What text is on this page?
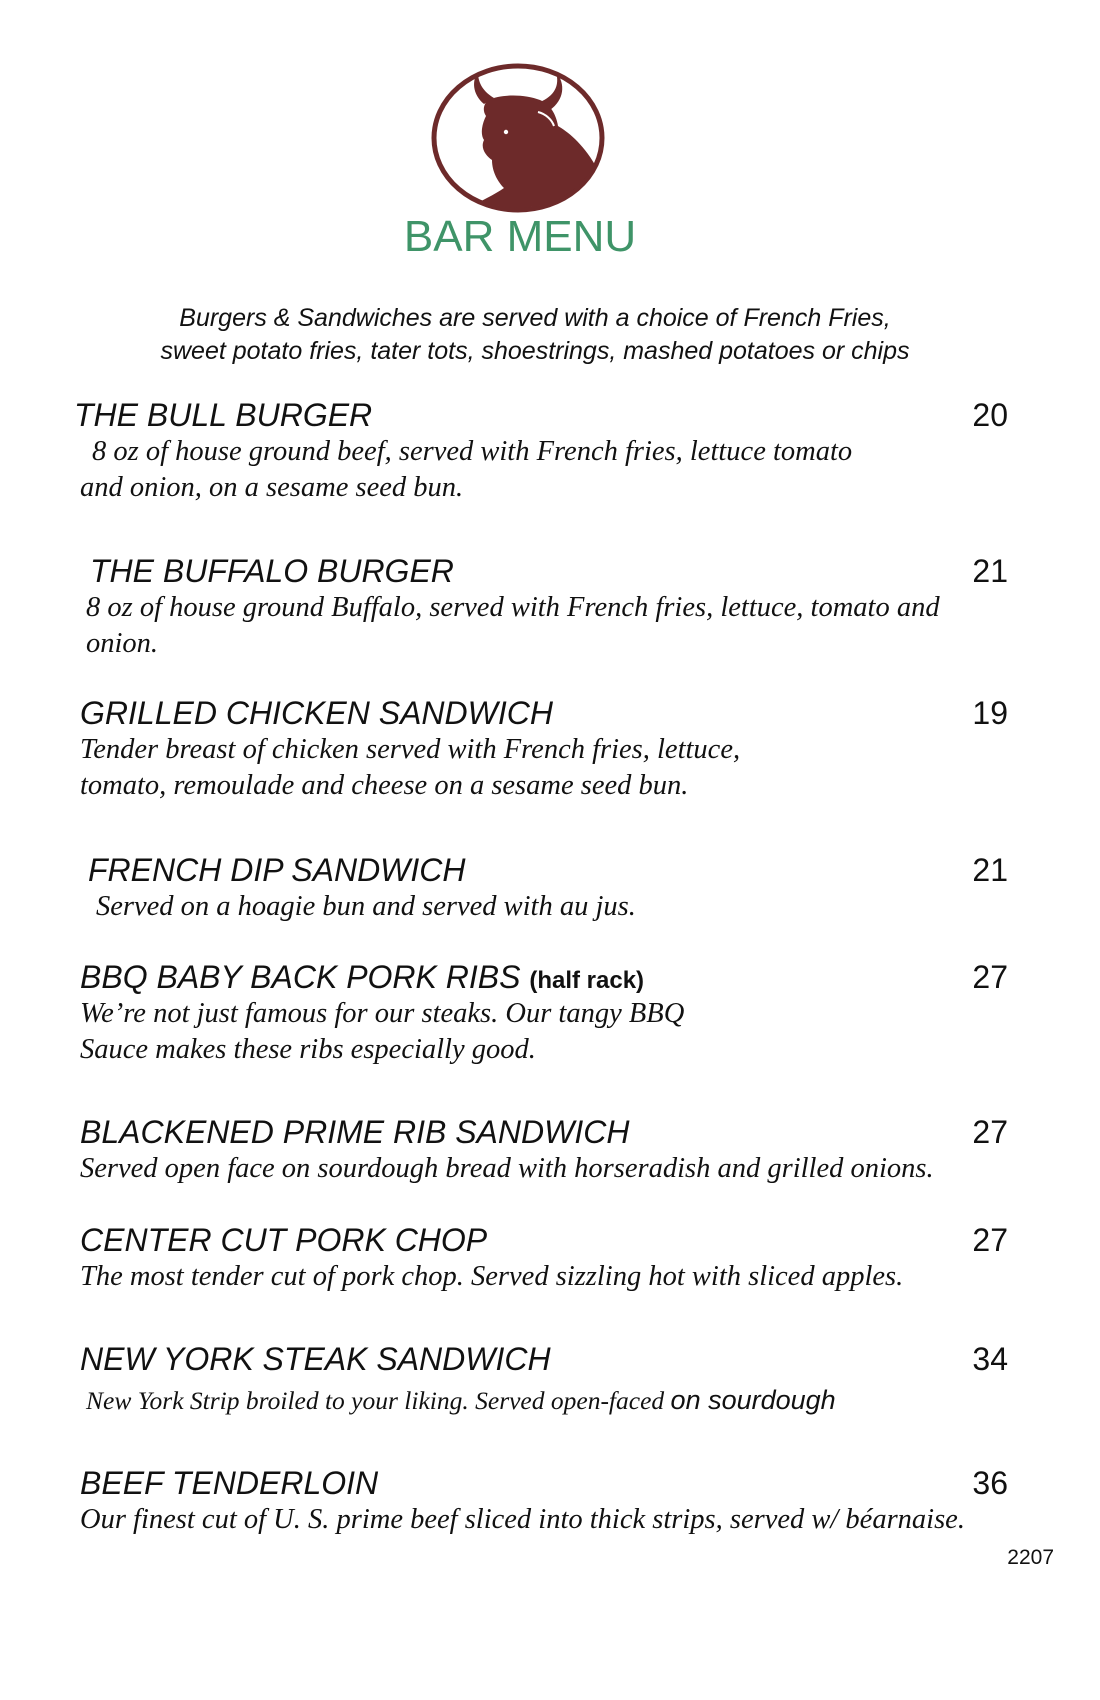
BAR MENU
Burgers & Sandwiches are served with a choice of French Fries,
sweet potato fries, tater tots, shoestrings, mashed potatoes or chips
THE BULL BURGER	20
8 oz of house ground beef, served with French fries, lettuce tomato
and onion, on a sesame seed bun.
THE BUFFALO BURGER	21
8 oz of house ground Buffalo, served with French fries, lettuce, tomato and
onion.
GRILLED CHICKEN SANDWICH	19
Tender breast of chicken served with French fries, lettuce,
tomato, remoulade and cheese on a sesame seed bun.
FRENCH DIP SANDWICH	21
Served on a hoagie bun and served with au jus.
BBQ BABY BACK PORK RIBS (half rack)	27
We’re not just famous for our steaks. Our tangy BBQ
Sauce makes these ribs especially good.
BLACKENED PRIME RIB SANDWICH	27
Served open face on sourdough bread with horseradish and grilled onions.
CENTER CUT PORK CHOP	27
The most tender cut of pork chop. Served sizzling hot with sliced apples.
NEW YORK STEAK SANDWICH	34
New York Strip broiled to your liking. Served open-faced on sourdough
BEEF TENDERLOIN	36
Our finest cut of U. S. prime beef sliced into thick strips, served w/ béarnaise.
2207
